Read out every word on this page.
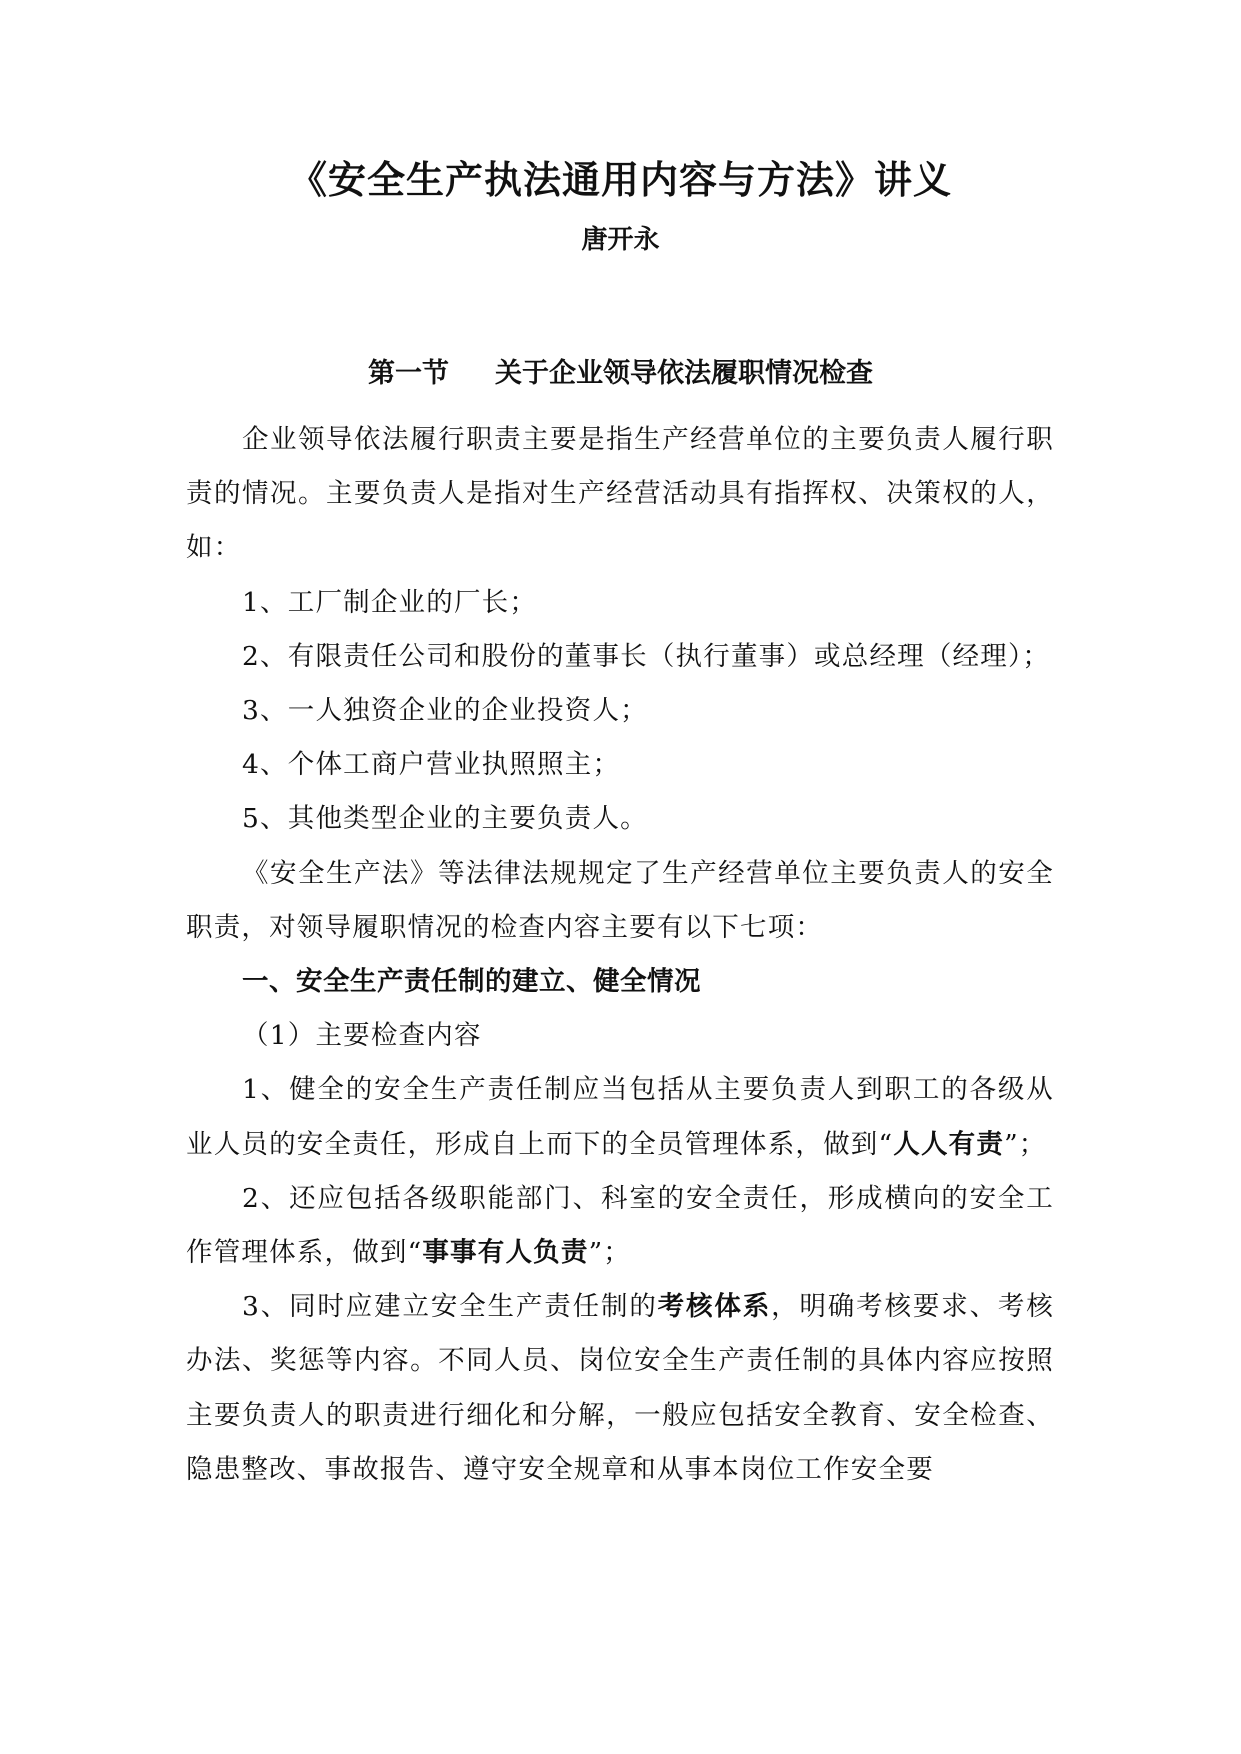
《安全生产执法通用内容与方法》讲义
唐开永
第一节 关于企业领导依法履职情况检查

企业领导依法履行职责主要是指生产经营单位的主要负责人履行职责的情况。主要负责人是指对生产经营活动具有指挥权、决策权的人，如：

1、工厂制企业的厂长；

2、有限责任公司和股份的董事长（执行董事）或总经理（经理）；

3、一人独资企业的企业投资人；

4、个体工商户营业执照照主；

5、其他类型企业的主要负责人。

《安全生产法》等法律法规规定了生产经营单位主要负责人的安全职责，对领导履职情况的检查内容主要有以下七项：

一、安全生产责任制的建立、健全情况

（1）主要检查内容

1、健全的安全生产责任制应当包括从主要负责人到职工的各级从业人员的安全责任，形成自上而下的全员管理体系，做到“人人有责”；

2、还应包括各级职能部门、科室的安全责任，形成横向的安全工作管理体系，做到“事事有人负责”；

3、同时应建立安全生产责任制的考核体系，明确考核要求、考核办法、奖惩等内容。不同人员、岗位安全生产责任制的具体内容应按照主要负责人的职责进行细化和分解，一般应包括安全教育、安全检查、隐患整改、事故报告、遵守安全规章和从事本岗位工作安全要
